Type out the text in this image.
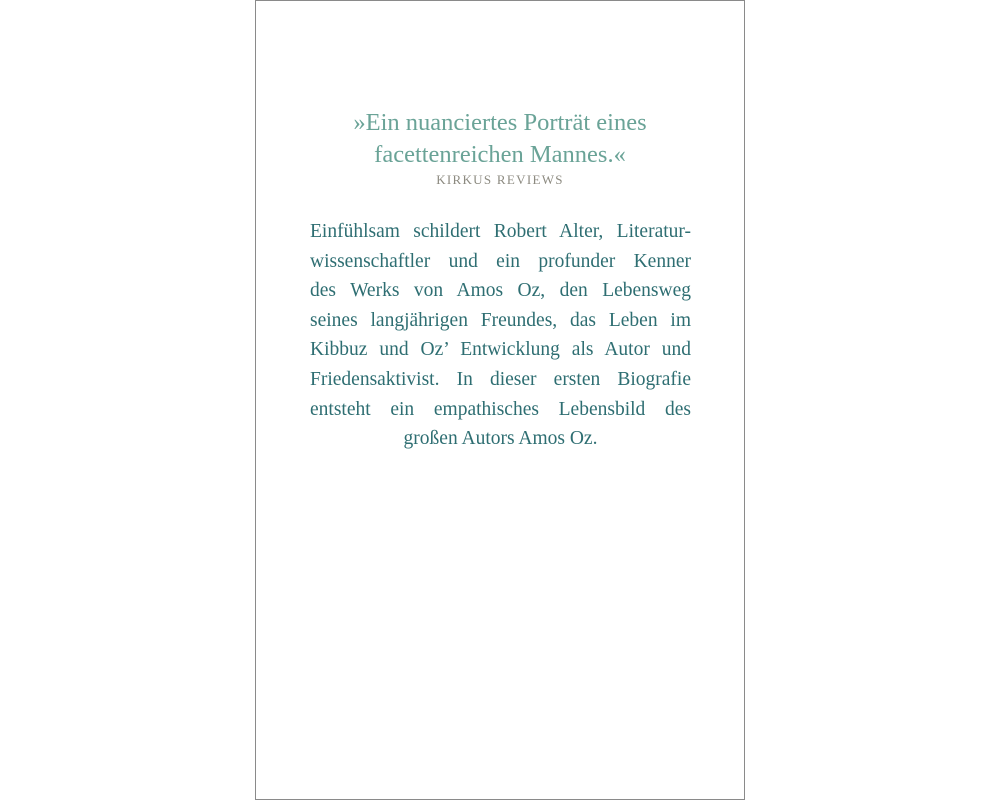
»Ein nuanciertes Porträt eines
facettenreichen Mannes.«
KIRKUS REVIEWS
Einfühlsam schildert Robert Alter, Literatur-
wissenschaftler und ein profunder Kenner
des Werks von Amos Oz, den Lebensweg
seines langjährigen Freundes, das Leben im
Kibbuz und Oz’ Entwicklung als Autor und
Friedensaktivist. In dieser ersten Biografie
entsteht ein empathisches Lebensbild des
großen Autors Amos Oz.
